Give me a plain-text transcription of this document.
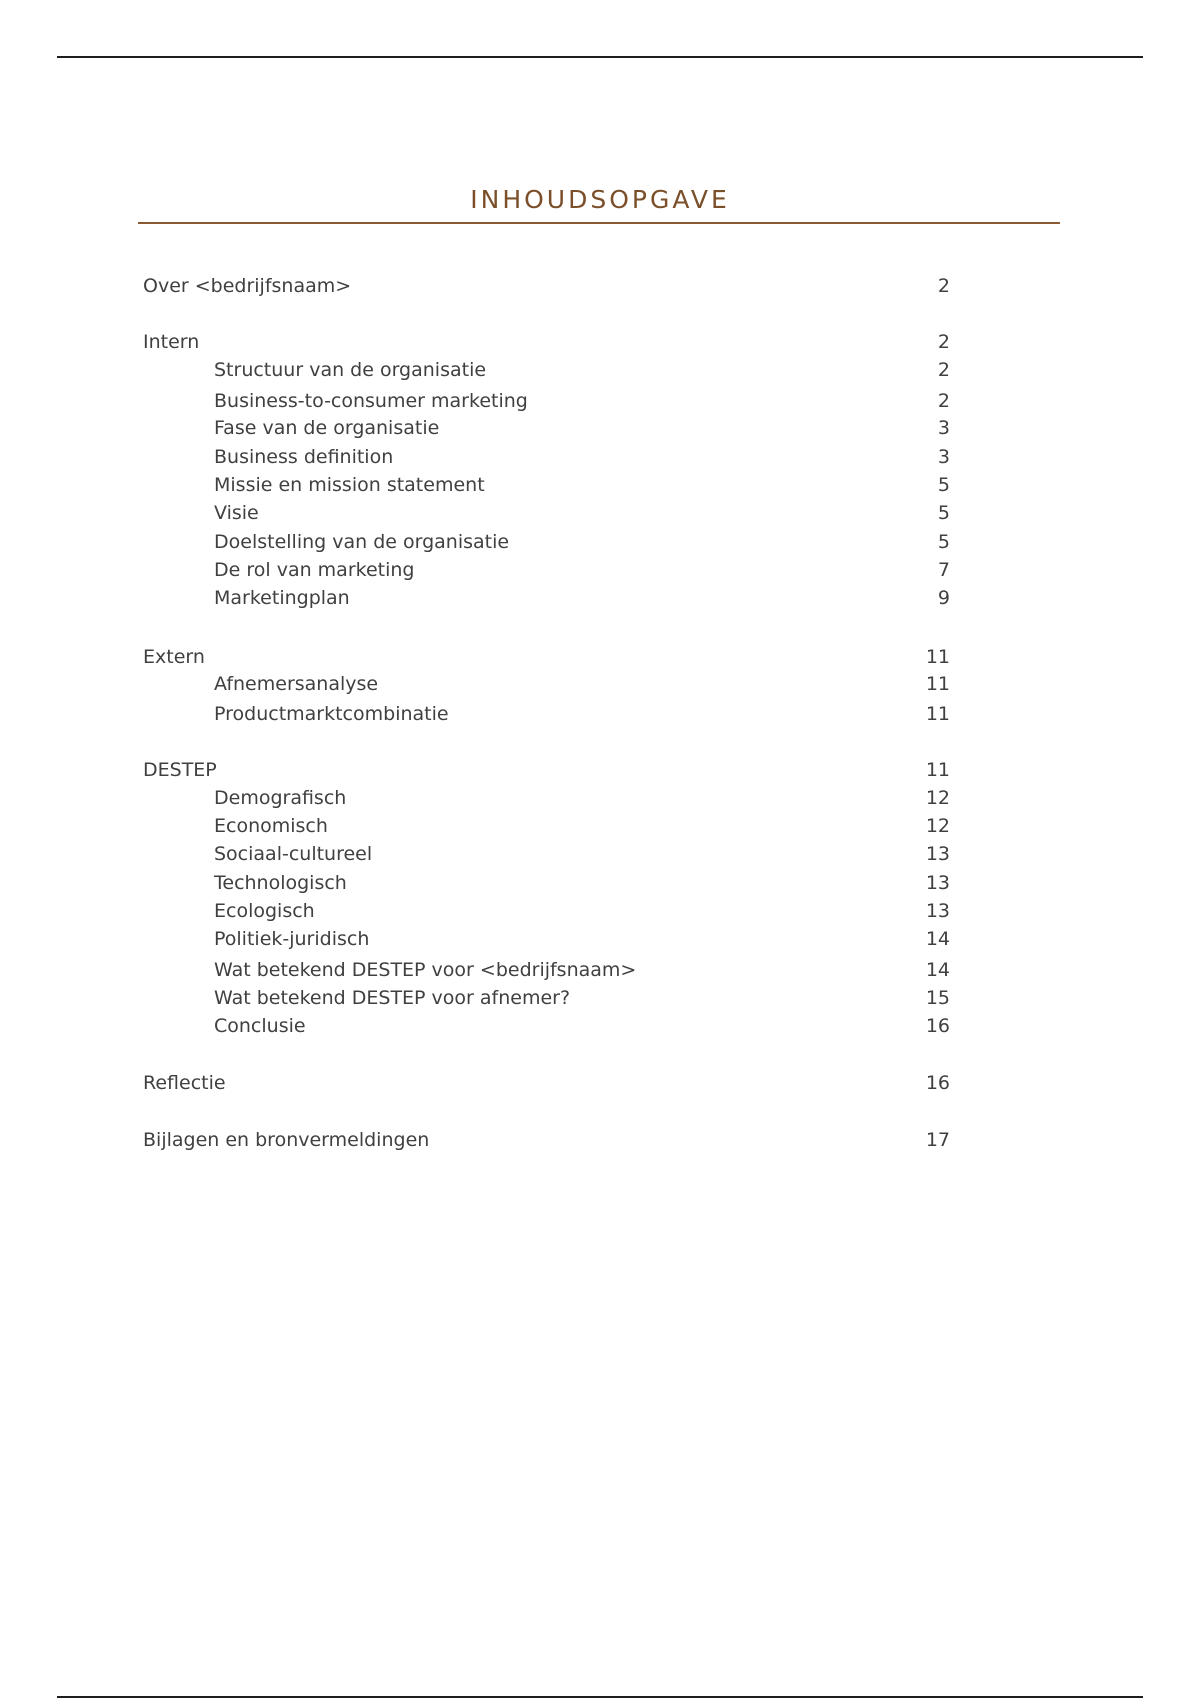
INHOUDSOPGAVE
Over <bedrijfsnaam>	2
Intern	2
Structuur van de organisatie	2
Business-to-consumer marketing	2
Fase van de organisatie	3
Business definition	3
Missie en mission statement	5
Visie	5
Doelstelling van de organisatie	5
De rol van marketing	7
Marketingplan	9
Extern	11
Afnemersanalyse	11
Productmarktcombinatie	11
DESTEP	11
Demografisch	12
Economisch	12
Sociaal-cultureel	13
Technologisch	13
Ecologisch	13
Politiek-juridisch	14
Wat betekend DESTEP voor <bedrijfsnaam>	14
Wat betekend DESTEP voor afnemer?	15
Conclusie	16
Reflectie	16
Bijlagen en bronvermeldingen	17
